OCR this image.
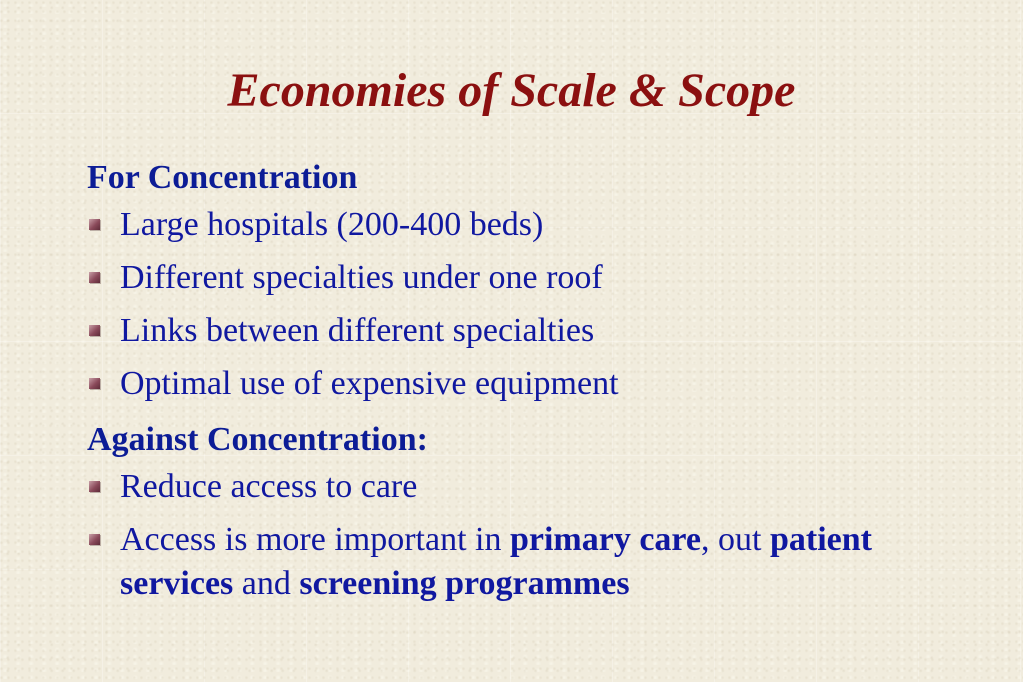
Economies of Scale & Scope

For Concentration

Large hospitals (200-400 beds)
Different specialties under one roof
Links between different specialties
Optimal use of expensive equipment

Against Concentration:

Reduce access to care
Access is more important in primary care, out patient services and screening programmes
